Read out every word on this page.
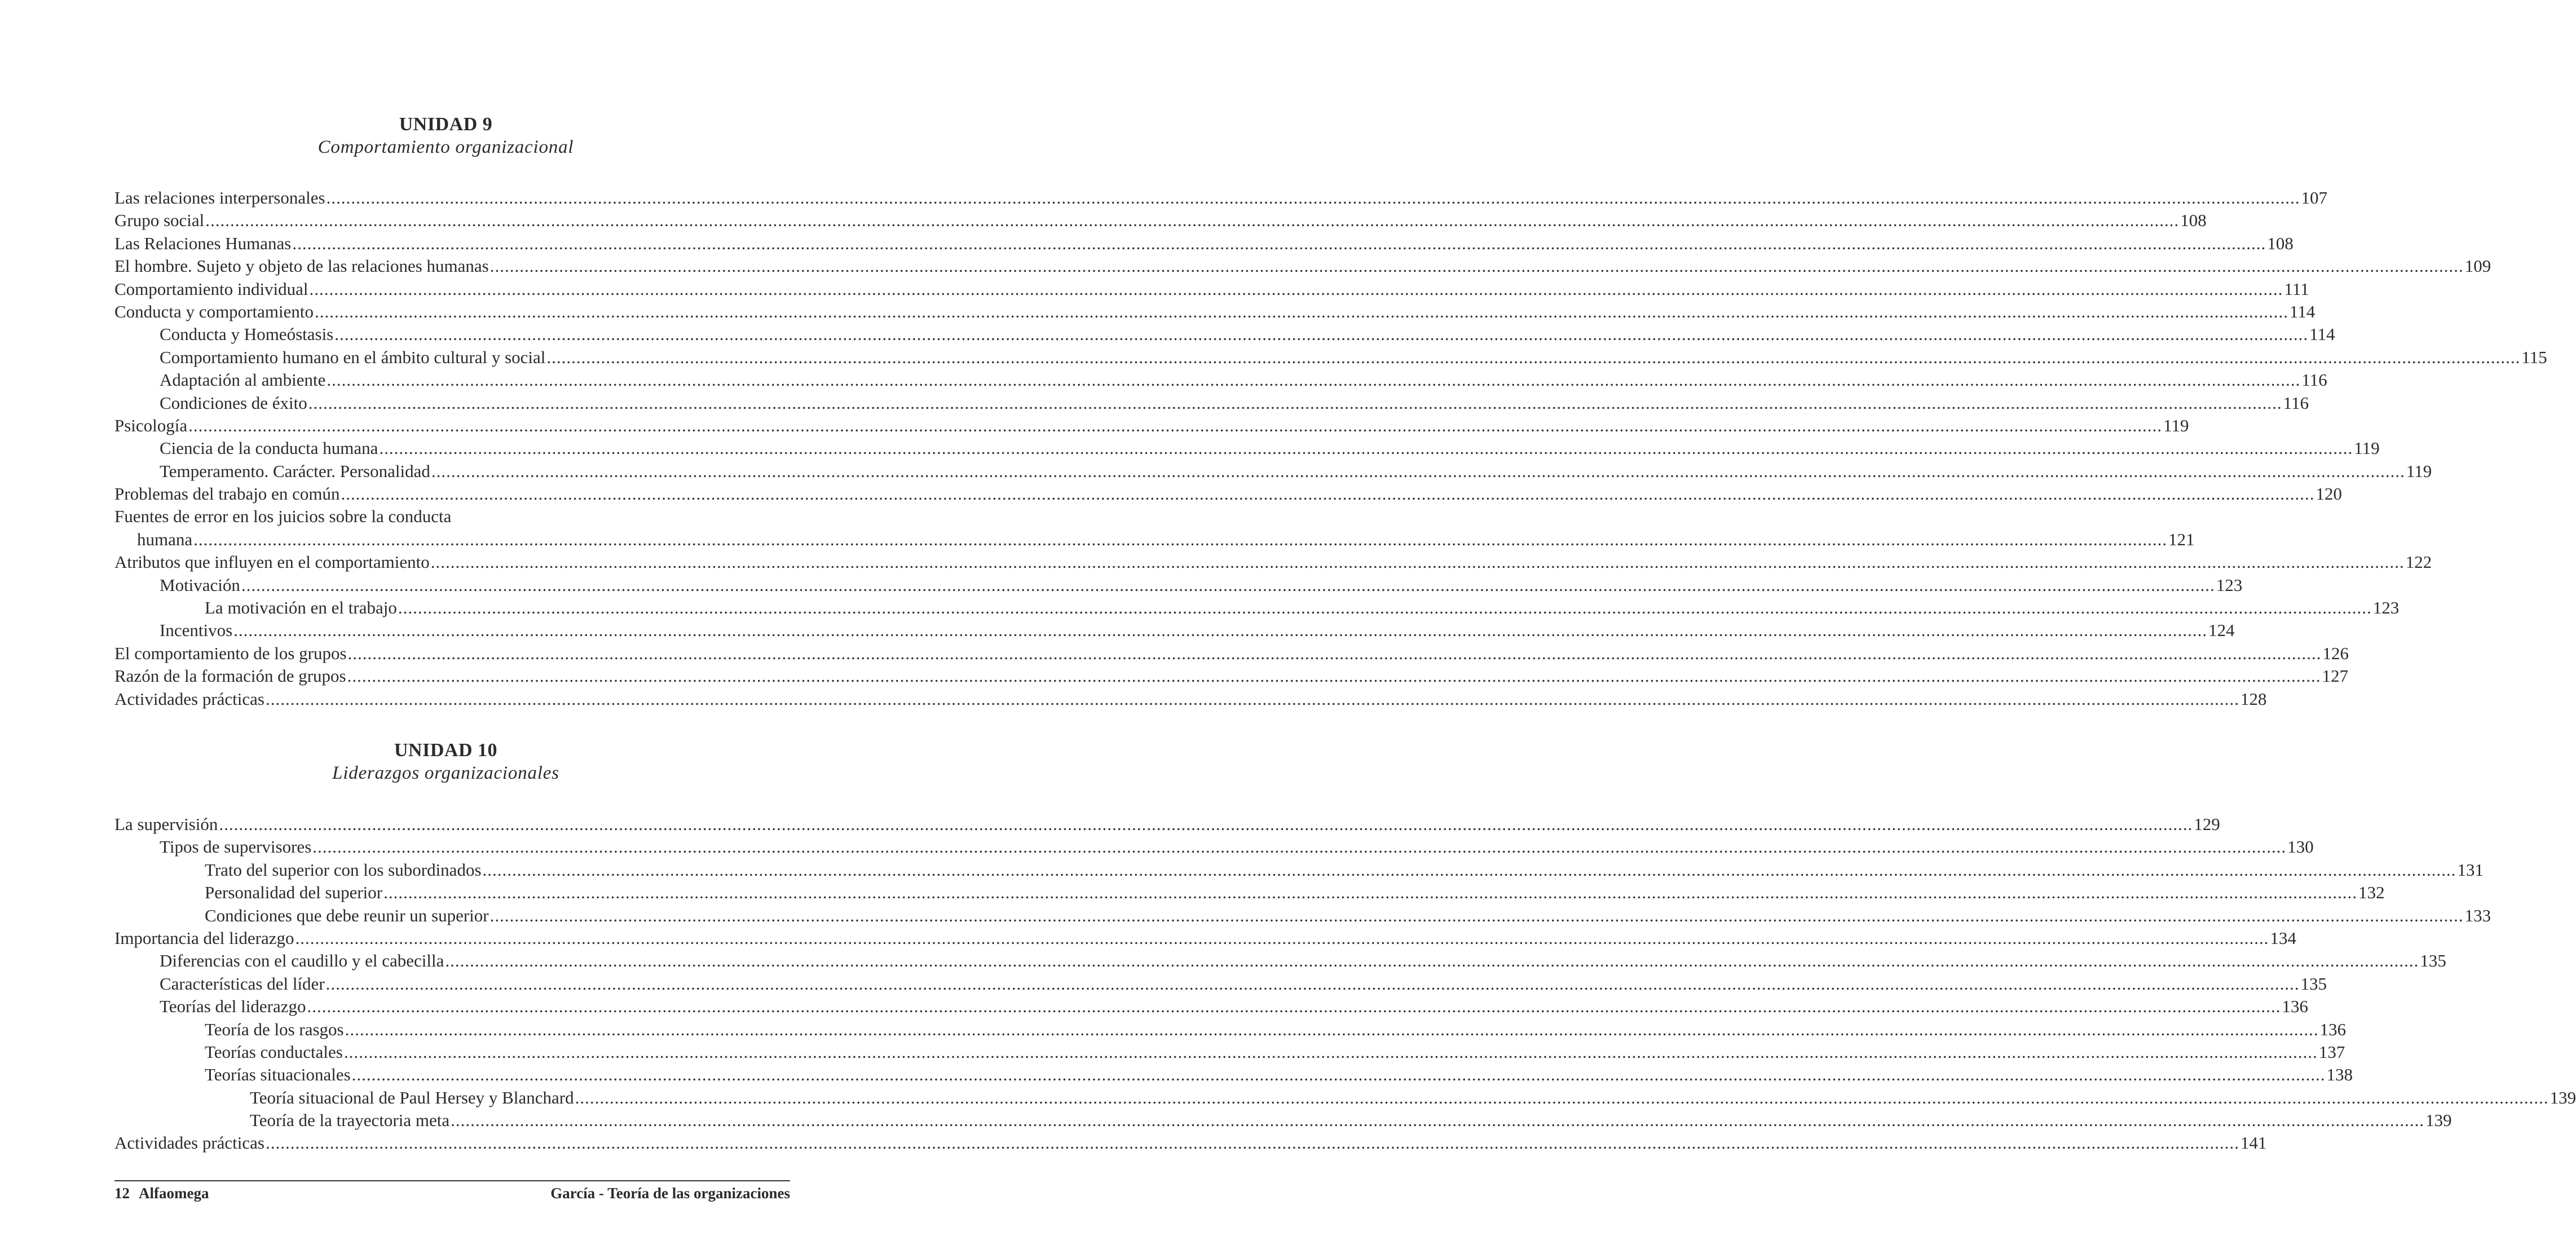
UNIDAD 9
Comportamiento organizacional
Las relaciones interpersonales ................................................................................................................................................................................................................................................................................................................................................................................................................ 107
Grupo social ................................................................................................................................................................................................................................................................................................................................................................................................................ 108
Las Relaciones Humanas ................................................................................................................................................................................................................................................................................................................................................................................................................ 108
El hombre. Sujeto y objeto de las relaciones humanas ................................................................................................................................................................................................................................................................................................................................................................................................................ 109
Comportamiento individual ................................................................................................................................................................................................................................................................................................................................................................................................................ 111
Conducta y comportamiento ................................................................................................................................................................................................................................................................................................................................................................................................................ 114
Conducta y Homeóstasis ................................................................................................................................................................................................................................................................................................................................................................................................................ 114
Comportamiento humano en el ámbito cultural y social ................................................................................................................................................................................................................................................................................................................................................................................................................ 115
Adaptación al ambiente ................................................................................................................................................................................................................................................................................................................................................................................................................ 116
Condiciones de éxito ................................................................................................................................................................................................................................................................................................................................................................................................................ 116
Psicología ................................................................................................................................................................................................................................................................................................................................................................................................................ 119
Ciencia de la conducta humana ................................................................................................................................................................................................................................................................................................................................................................................................................ 119
Temperamento. Carácter. Personalidad ................................................................................................................................................................................................................................................................................................................................................................................................................ 119
Problemas del trabajo en común ................................................................................................................................................................................................................................................................................................................................................................................................................ 120
Fuentes de error en los juicios sobre la conducta
humana ................................................................................................................................................................................................................................................................................................................................................................................................................ 121
Atributos que influyen en el comportamiento ................................................................................................................................................................................................................................................................................................................................................................................................................ 122
Motivación ................................................................................................................................................................................................................................................................................................................................................................................................................ 123
La motivación en el trabajo ................................................................................................................................................................................................................................................................................................................................................................................................................ 123
Incentivos ................................................................................................................................................................................................................................................................................................................................................................................................................ 124
El comportamiento de los grupos ................................................................................................................................................................................................................................................................................................................................................................................................................ 126
Razón de la formación de grupos ................................................................................................................................................................................................................................................................................................................................................................................................................ 127
Actividades prácticas ................................................................................................................................................................................................................................................................................................................................................................................................................ 128
UNIDAD 10
Liderazgos organizacionales
La supervisión ................................................................................................................................................................................................................................................................................................................................................................................................................ 129
Tipos de supervisores ................................................................................................................................................................................................................................................................................................................................................................................................................ 130
Trato del superior con los subordinados ................................................................................................................................................................................................................................................................................................................................................................................................................ 131
Personalidad del superior ................................................................................................................................................................................................................................................................................................................................................................................................................ 132
Condiciones que debe reunir un superior ................................................................................................................................................................................................................................................................................................................................................................................................................ 133
Importancia del liderazgo ................................................................................................................................................................................................................................................................................................................................................................................................................ 134
Diferencias con el caudillo y el cabecilla ................................................................................................................................................................................................................................................................................................................................................................................................................ 135
Características del líder ................................................................................................................................................................................................................................................................................................................................................................................................................ 135
Teorías del liderazgo ................................................................................................................................................................................................................................................................................................................................................................................................................ 136
Teoría de los rasgos ................................................................................................................................................................................................................................................................................................................................................................................................................ 136
Teorías conductales ................................................................................................................................................................................................................................................................................................................................................................................................................ 137
Teorías situacionales ................................................................................................................................................................................................................................................................................................................................................................................................................ 138
Teoría situacional de Paul Hersey y Blanchard ................................................................................................................................................................................................................................................................................................................................................................................................................ 139
Teoría de la trayectoria meta ................................................................................................................................................................................................................................................................................................................................................................................................................ 139
Actividades prácticas ................................................................................................................................................................................................................................................................................................................................................................................................................ 141
12 Alfaomega	García - Teoría de las organizaciones
